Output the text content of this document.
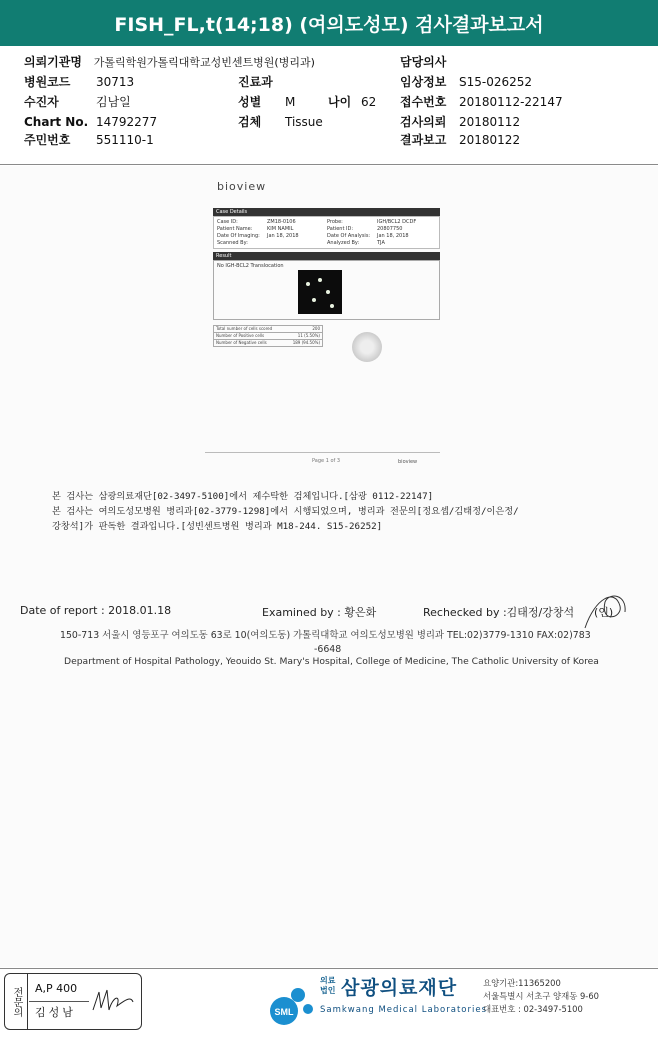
FISH_FL,t(14;18) (여의도성모) 검사결과보고서
의뢰기관명 가톨릭학원가톨릭대학교성빈센트병원(병리과)	담당의사
병원코드 30713	진료과	임상정보 S15-026252
수진자	김남일	성별 M	나이 62 접수번호 20180112-22147
Chart No. 14792277	검체 Tissue	검사의뢰 20180112
주민번호 551110-1	결과보고 20180122
bioview
Case Details
Case ID:	ZM18-0106	Probe:	IGH/BCL2 DCDF
Patient Name:	KIM NAMIL	Patient ID:	20807750
Date Of Imaging:	Jan 18, 2018	Date Of Analysis:	Jan 18, 2018
Scanned By:	Analyzed By:	TJA
Result
No IGH-BCL2 Translocation
Total number of cells scored	200
Number of Positive cells	11 (5.50%)
Number of Negative cells	189 (94.50%)
Page 1 of 3	bioview
본 검사는 삼광의료재단[02-3497-5100]에서 제수탁한 검체입니다.[삼광 0112-22147]
본 검사는 여의도성모병원 병리과[02-3779-1298]에서 시행되었으며, 병리과 전문의[정요셉/김태정/이은정/
강창석]가 판독한 결과입니다.[성빈센트병원 병리과 M18-244. S15-26252]
Date of report : 2018.01.18	Examined by : 황은화	Rechecked by :김태정/강창석 (인)
150-713 서울시 영등포구 여의도동 63로 10(여의도동) 가톨릭대학교 여의도성모병원 병리과 TEL:02)3779-1310 FAX:02)783
-6648
Department of Hospital Pathology, Yeouido St. Mary's Hospital, College of Medicine, The Catholic University of Korea
전문의	A,P 400
김성남	SML
의료법인 삼광의료재단
Samkwang Medical Laboratories
요양기관:11365200
서울특별시 서초구 양재동 9-60
대표번호 : 02-3497-5100
